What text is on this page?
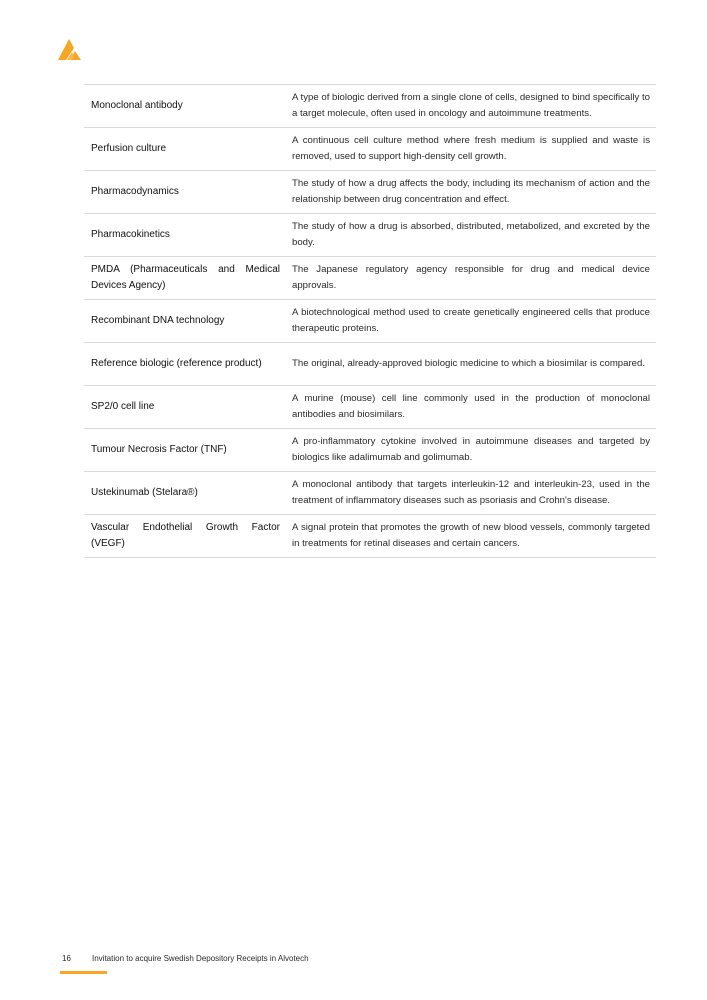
Monoclonal antibody
A type of biologic derived from a single clone of cells, designed to bind specifically to a target molecule, often used in oncology and autoimmune treatments.
Perfusion culture
A continuous cell culture method where fresh medium is supplied and waste is removed, used to support high-density cell growth.
Pharmacodynamics
The study of how a drug affects the body, including its mechanism of action and the relationship between drug concentration and effect.
Pharmacokinetics
The study of how a drug is absorbed, distributed, metabolized, and excreted by the body.
PMDA (Pharmaceuticals and Medical Devices Agency)
The Japanese regulatory agency responsible for drug and medical device approvals.
Recombinant DNA technology
A biotechnological method used to create genetically engineered cells that produce therapeutic proteins.
Reference biologic (reference product)	The original, already-approved biologic medicine to which a biosimilar is compared.
SP2/0 cell line
A murine (mouse) cell line commonly used in the production of monoclonal antibodies and biosimilars.
Tumour Necrosis Factor (TNF)
A pro-inflammatory cytokine involved in autoimmune diseases and targeted by biologics like adalimumab and golimumab.
Ustekinumab (Stelara®)
A monoclonal antibody that targets interleukin-12 and interleukin-23, used in the treatment of inflammatory diseases such as psoriasis and Crohn's disease.
Vascular Endothelial Growth Factor (VEGF)
A signal protein that promotes the growth of new blood vessels, commonly targeted in treatments for retinal diseases and certain cancers.
16	Invitation to acquire Swedish Depository Receipts in Alvotech
